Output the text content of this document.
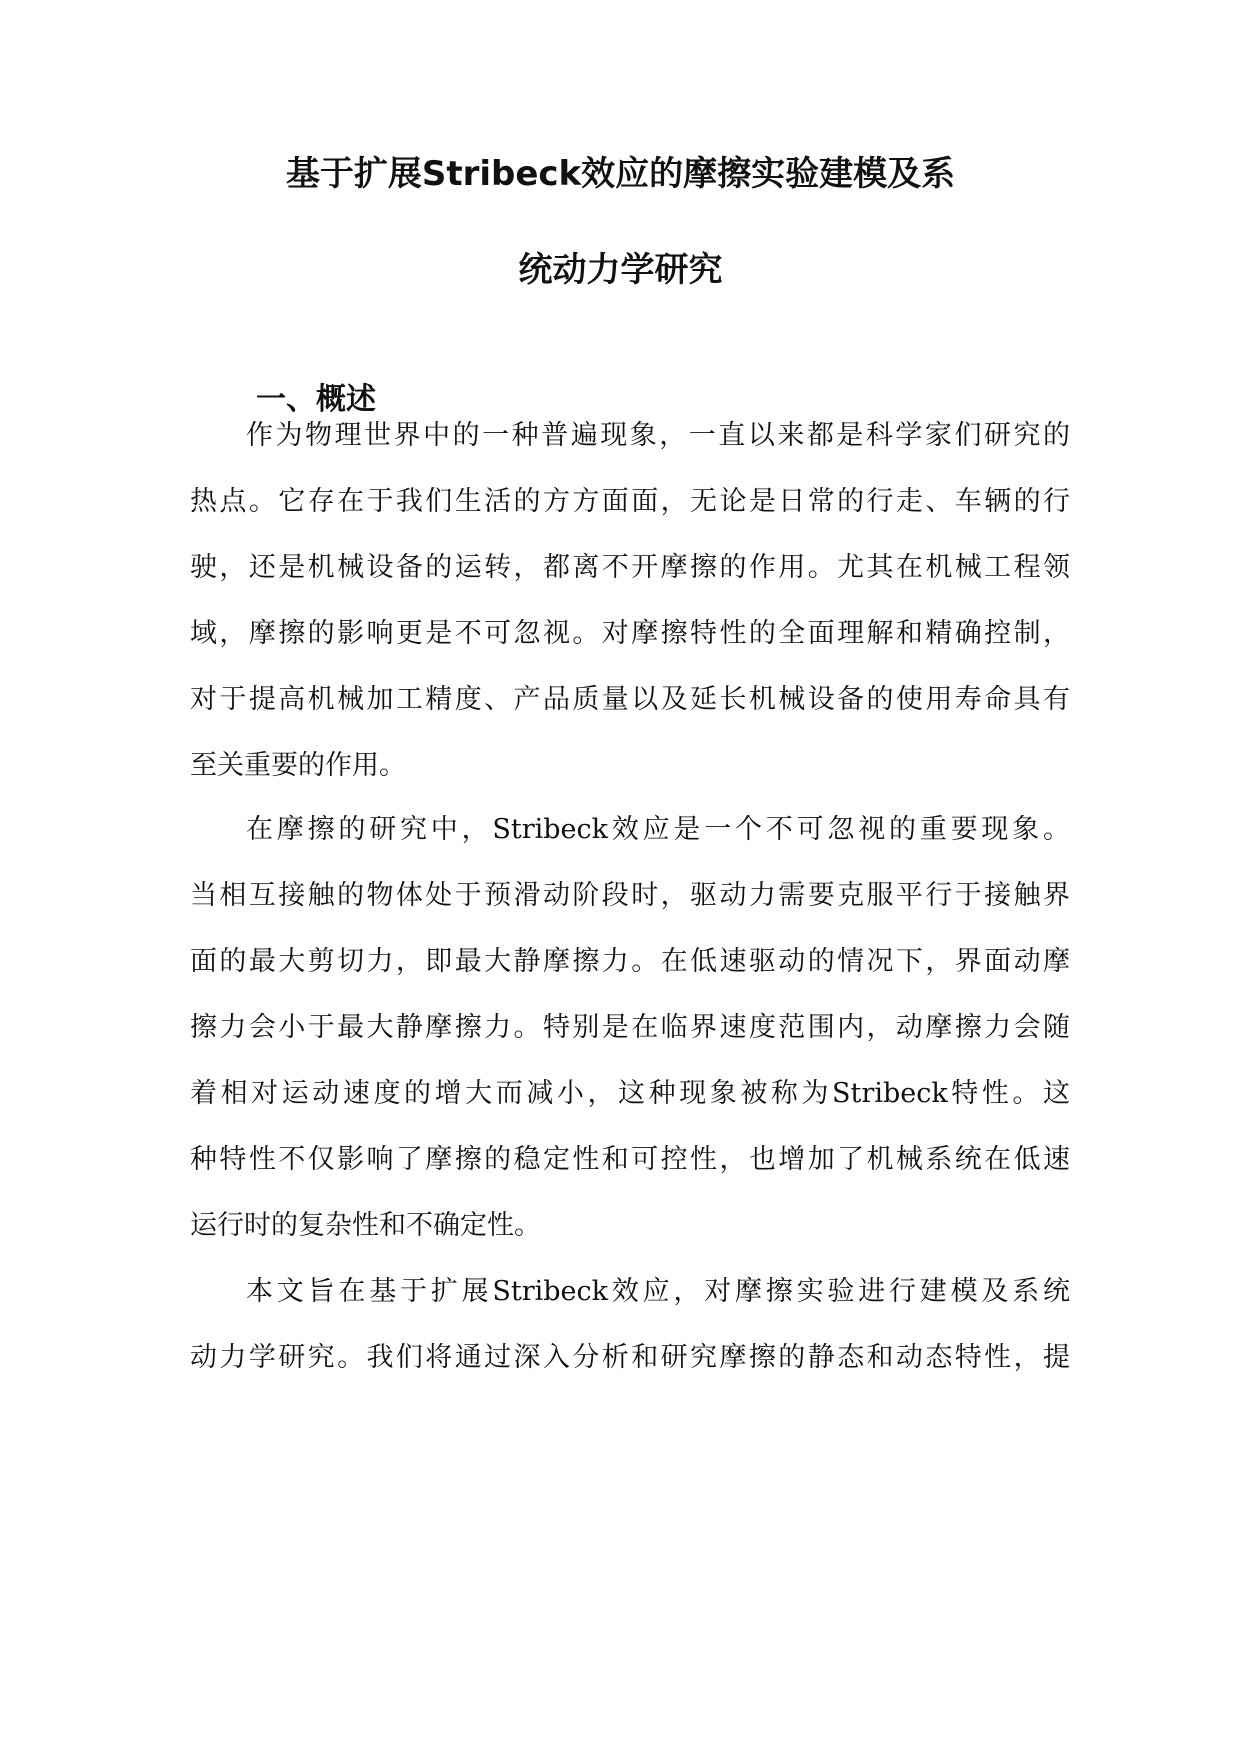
基于扩展Stribeck效应的摩擦实验建模及系
统动力学研究
一、概述
作为物理世界中的一种普遍现象，一直以来都是科学家们研究的
热点。它存在于我们生活的方方面面，无论是日常的行走、车辆的行
驶，还是机械设备的运转，都离不开摩擦的作用。尤其在机械工程领
域，摩擦的影响更是不可忽视。对摩擦特性的全面理解和精确控制，
对于提高机械加工精度、产品质量以及延长机械设备的使用寿命具有
至关重要的作用。
在摩擦的研究中，Stribeck效应是一个不可忽视的重要现象。
当相互接触的物体处于预滑动阶段时，驱动力需要克服平行于接触界
面的最大剪切力，即最大静摩擦力。在低速驱动的情况下，界面动摩
擦力会小于最大静摩擦力。特别是在临界速度范围内，动摩擦力会随
着相对运动速度的增大而减小，这种现象被称为Stribeck特性。这
种特性不仅影响了摩擦的稳定性和可控性，也增加了机械系统在低速
运行时的复杂性和不确定性。
本文旨在基于扩展Stribeck效应，对摩擦实验进行建模及系统
动力学研究。我们将通过深入分析和研究摩擦的静态和动态特性，提
